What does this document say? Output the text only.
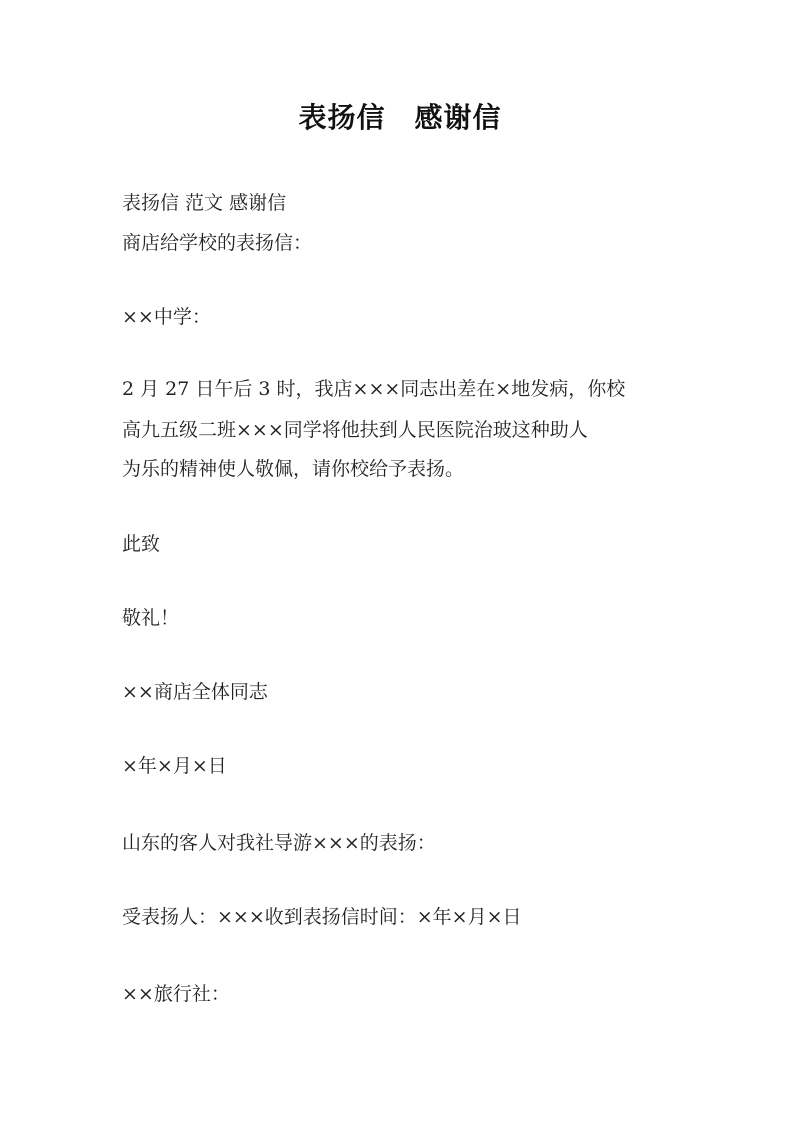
表扬信　感谢信
表扬信 范文 感谢信
商店给学校的表扬信：
××中学：
2 月 27 日午后 3 时，我店×××同志出差在×地发病，你校
高九五级二班×××同学将他扶到人民医院治玻这种助人
为乐的精神使人敬佩，请你校给予表扬。
此致
敬礼！
××商店全体同志
×年×月×日
山东的客人对我社导游×××的表扬：
受表扬人：×××收到表扬信时间：×年×月×日
××旅行社：
